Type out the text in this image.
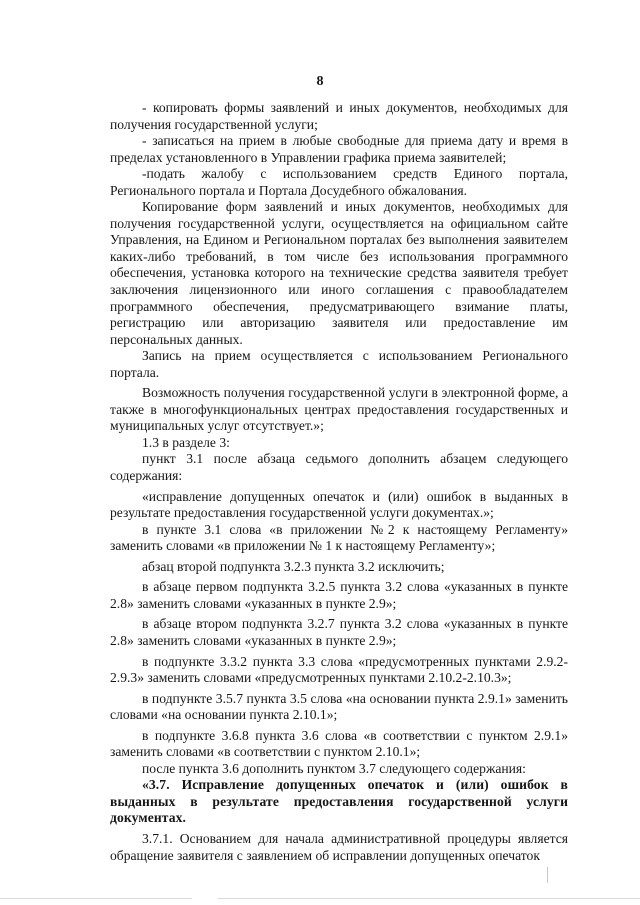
8

- копировать формы заявлений и иных документов, необходимых для получения государственной услуги;

- записаться на прием в любые свободные для приема дату и время в пределах установленного в Управлении графика приема заявителей;

-подать жалобу с использованием средств Единого портала, Регионального портала и Портала Досудебного обжалования.

Копирование форм заявлений и иных документов, необходимых для получения государственной услуги, осуществляется на официальном сайте Управления, на Едином и Региональном порталах без выполнения заявителем каких-либо требований, в том числе без использования программного обеспечения, установка которого на технические средства заявителя требует заключения лицензионного или иного соглашения с правообладателем программного обеспечения, предусматривающего взимание платы, регистрацию или авторизацию заявителя или предоставление им персональных данных.

Запись на прием осуществляется с использованием Регионального портала.

Возможность получения государственной услуги в электронной форме, а также в многофункциональных центрах предоставления государственных и муниципальных услуг отсутствует.»;

1.3 в разделе 3:

пункт 3.1 после абзаца седьмого дополнить абзацем следующего содержания:

«исправление допущенных опечаток и (или) ошибок в выданных в результате предоставления государственной услуги документах.»;

в пункте 3.1 слова «в приложении №2 к настоящему Регламенту» заменить словами «в приложении № 1 к настоящему Регламенту»;

абзац второй подпункта 3.2.3 пункта 3.2 исключить;

в абзаце первом подпункта 3.2.5 пункта 3.2 слова «указанных в пункте 2.8» заменить словами «указанных в пункте 2.9»;

в абзаце втором подпункта 3.2.7 пункта 3.2 слова «указанных в пункте 2.8» заменить словами «указанных в пункте 2.9»;

в подпункте 3.3.2 пункта 3.3 слова «предусмотренных пунктами 2.9.2- 2.9.3» заменить словами «предусмотренных пунктами 2.10.2-2.10.3»;

в подпункте 3.5.7 пункта 3.5 слова «на основании пункта 2.9.1» заменить словами «на основании пункта 2.10.1»;

в подпункте 3.6.8 пункта 3.6 слова «в соответствии с пунктом 2.9.1» заменить словами «в соответствии с пунктом 2.10.1»;

после пункта 3.6 дополнить пунктом 3.7 следующего содержания:

«3.7. Исправление допущенных опечаток и (или) ошибок в выданных в результате предоставления государственной услуги документах.

3.7.1. Основанием для начала административной процедуры является обращение заявителя с заявлением об исправлении допущенных опечаток
